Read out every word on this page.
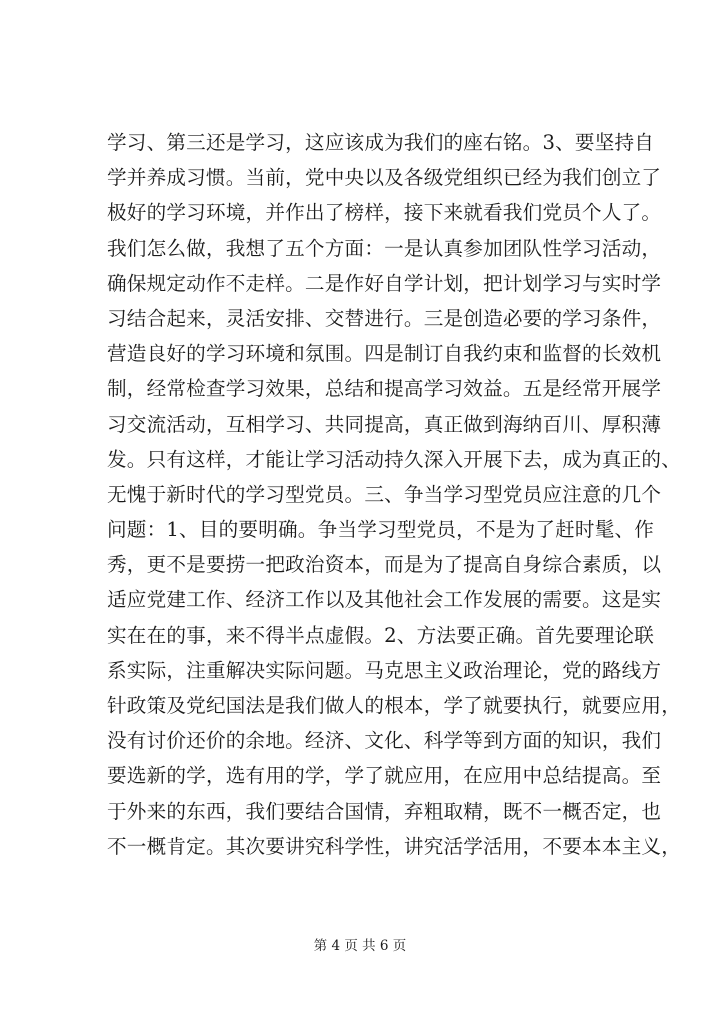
学习、第三还是学习，这应该成为我们的座右铭。3、要坚持自
学并养成习惯。当前，党中央以及各级党组织已经为我们创立了
极好的学习环境，并作出了榜样，接下来就看我们党员个人了。
我们怎么做，我想了五个方面：一是认真参加团队性学习活动，
确保规定动作不走样。二是作好自学计划，把计划学习与实时学
习结合起来，灵活安排、交替进行。三是创造必要的学习条件，
营造良好的学习环境和氛围。四是制订自我约束和监督的长效机
制，经常检查学习效果，总结和提高学习效益。五是经常开展学
习交流活动，互相学习、共同提高，真正做到海纳百川、厚积薄
发。只有这样，才能让学习活动持久深入开展下去，成为真正的、
无愧于新时代的学习型党员。三、争当学习型党员应注意的几个
问题：1、目的要明确。争当学习型党员，不是为了赶时髦、作
秀，更不是要捞一把政治资本，而是为了提高自身综合素质，以
适应党建工作、经济工作以及其他社会工作发展的需要。这是实
实在在的事，来不得半点虚假。2、方法要正确。首先要理论联
系实际，注重解决实际问题。马克思主义政治理论，党的路线方
针政策及党纪国法是我们做人的根本，学了就要执行，就要应用，
没有讨价还价的余地。经济、文化、科学等到方面的知识，我们
要选新的学，选有用的学，学了就应用，在应用中总结提高。至
于外来的东西，我们要结合国情，弃粗取精，既不一概否定，也
不一概肯定。其次要讲究科学性，讲究活学活用，不要本本主义，
第 4 页 共 6 页
